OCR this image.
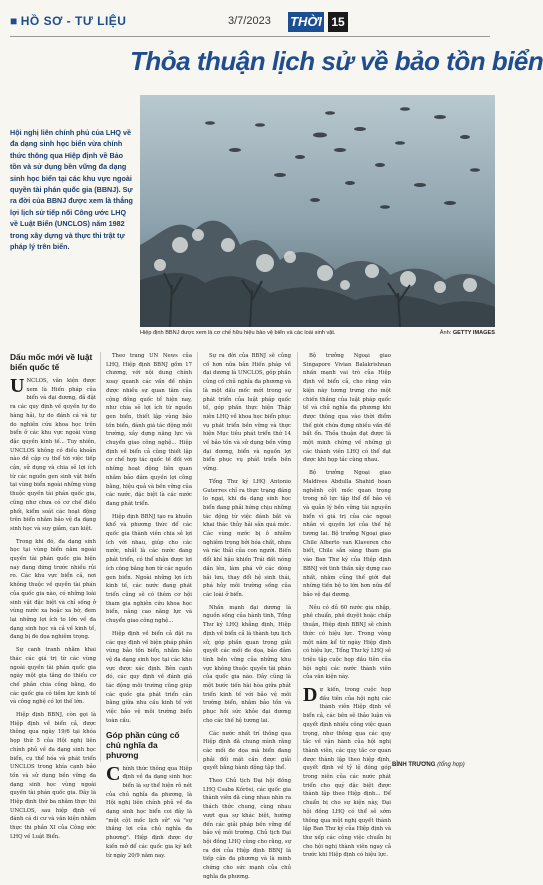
■ HỒ SƠ - TƯ LIỆU	3/7/2023 THỜI 15
Thỏa thuận lịch sử về bảo tồn biển
Hội nghị liên chính phủ của LHQ về đa dạng sinh học biển vừa chính thức thông qua Hiệp định về Bảo tồn và sử dụng bền vững đa dạng sinh học biển tại các khu vực ngoài quyền tài phán quốc gia (BBNJ). Sự ra đời của BBNJ được xem là thắng lợi lịch sử tiếp nối Công ước LHQ về Luật Biển (UNCLOS) năm 1982 trong xây dựng và thực thi trật tự pháp lý trên biển.
Hiệp định BBNJ được xem là cơ chế hữu hiệu bảo vệ biển và các loài sinh vật.	Ảnh: GETTY IMAGES
Dấu mốc mới về luật biển quốc tế

UNCLOS, văn kiện được xem là Hiến pháp của biển và đại dương, đã đặt ra các quy định về quyền tự do hàng hải, tự do đánh cá và tự do nghiên cứu khoa học trên biển ở các khu vực ngoài vùng đặc quyền kinh tế... Tuy nhiên, UNCLOS không có điều khoản nào đề cập cụ thể tới việc tiếp cận, sử dụng và chia sẻ lợi ích từ các nguồn gen sinh vật biển tại vùng biển ngoài những vùng thuộc quyền tài phán quốc gia, cũng như chưa có cơ chế điều phối, kiểm soát các hoạt động trên biển nhằm bảo vệ đa dạng sinh học và suy giảm, cạn kiệt.

Trong khi đó, đa dạng sinh học tại vùng biển nằm ngoài quyền tài phán quốc gia hiện nay đang đứng trước nhiều rủi ro. Các khu vực biển cả, nơi không thuộc về quyền tài phán của quốc gia nào, có những loài sinh vật đặc biệt và chỉ sống ở vùng nước xa hoặc xa bờ, đem lại những lợi ích to lớn về đa dạng sinh học và cả về kinh tế, đang bị đe dọa nghiêm trọng.

Sự canh tranh nhằm khai thác các giá trị từ các vùng ngoài quyền tài phán quốc gia ngày một gia tăng do thiếu cơ chế phân chia công bằng, do các quốc gia có tiềm lực kinh tế và công nghệ có lợi thế lớn.

Hiệp định BBNJ, còn gọi là Hiệp định về biển cả, được thông qua ngày 19/6 tại khóa họp thứ 5 của Hội nghị liên chính phủ về đa dạng sinh học biển, cụ thể hóa và phát triển UNCLOS trong khía cạnh bảo tồn và sử dụng bền vững đa dạng sinh học vùng ngoài quyền tài phán quốc gia. Đây là Hiệp định thứ ba nhằm thực thi UNCLOS, sau hiệp định về đánh cá di cư và văn kiện nhằm thực thi phần XI của Công ước LHQ về Luật Biển.

Theo trang UN News của LHQ, Hiệp định BBNJ gồm 17 chương, với nội dung chính xoay quanh các vấn đề nhận được nhiều sự quan tâm của cộng đồng quốc tế hiện nay, như chia sẻ lợi ích từ nguồn gen biển, thiết lập vùng bảo tồn biển, đánh giá tác động môi trường, xây dựng năng lực và chuyển giao công nghệ... Hiệp định về biển cả cũng thiết lập cơ chế hợp tác quốc tế đối với những hoạt động liên quan nhằm bảo đảm quyền lợi công bằng, hiệu quả và bền vững của các nước, đặc biệt là các nước đang phát triển.

Hiệp định BBNJ tạo ra khuôn khổ và phương thức để các quốc gia thành viên chia sẻ lợi ích với nhau, giúp cho các nước, nhất là các nước đang phát triển, có thể nhận được lợi ích công bằng hơn từ các nguồn gen biển. Ngoài những lợi ích kinh tế, các nước đang phát triển cũng sẽ có thêm cơ hội tham gia nghiên cứu khoa học biển, nâng cao năng lực và chuyển giao công nghệ...

Hiệp định về biển cả đặt ra các quy định về biện pháp phân vùng bảo tồn biển, nhằm bảo vệ đa dạng sinh học tại các khu vực được xác định. Bên cạnh đó, các quy định về đánh giá tác động môi trường cũng giúp các quốc gia phát triển cân bằng giữa nhu cầu kinh tế với việc bảo vệ môi trường biển toàn cầu.

Góp phần củng cố chủ nghĩa đa phương

Chính thức thông qua Hiệp định về đa dạng sinh học biển là sự thể hiện rõ nét của chủ nghĩa đa phương, là Hội nghị liên chính phủ về đa dạng sinh học biển coi đây là "một cột mốc lịch sử" và "sự thắng lợi của chủ nghĩa đa phương". Hiệp định được dự kiến mở để các quốc gia ký kết từ ngày 20/9 năm nay.

Sự ra đời của BBNJ sẽ củng cố hơn nữa bản Hiến pháp về đại dương là UNCLOS, góp phần củng cố chủ nghĩa đa phương và là một dấu mốc mới trong sự phát triển của luật pháp quốc tế, góp phần thực hiện Thập niên LHQ về khoa học biển phục vụ phát triển bền vững và thực hiện Mục tiêu phát triển thứ 14 về bảo tồn và sử dụng bền vững đại dương, biển và nguồn lợi biển phục vụ phát triển bền vững.

Tổng Thư ký LHQ Antonio Guterres chỉ ra thực trạng đáng lo ngại, khi đa dạng sinh học biển đang phải hứng chịu những tác động từ việc đánh bắt và khai thác thủy hải sản quá mức. Các vùng nước bị ô nhiễm nghiêm trọng bởi hóa chất, nhựa và rác thải của con người. Biến đổi khí hậu khiến Trái đất nóng dần lên, làm phá vỡ các dòng hải lưu, thay đổi hệ sinh thái, phá hủy môi trường sống của các loài ở biển.

Nhấn mạnh đại dương là nguồn sống của hành tinh, Tổng Thư ký LHQ khẳng định, Hiệp định về biển cả là thành tựu lịch sử, góp phần quan trọng giải quyết các mối đe dọa, bảo đảm tính bền vững của những khu vực không thuộc quyền tài phán của quốc gia nào. Đây cũng là một bước tiến hài hòa giữa phát triển kinh tế với bảo vệ môi trường biển, nhằm bảo tồn và phục hồi sức khỏe đại dương cho các thế hệ tương lai.

Các nước nhất trí thông qua Hiệp định đã chung mình rằng các mối đe dọa mà biển đang phải đối mặt cần được giải quyết bằng hành động tập thể.

Theo Chủ tịch Đại hội đồng LHQ Csaba Kőrösi, các quốc gia thành viên đã cùng nhau nhìn ra thách thức chung, cùng nhau vượt qua sự khác biệt, hướng đến các giải pháp bền vững để bảo vệ môi trường. Chủ tịch Đại hội đồng LHQ cũng cho rằng, sự ra đời của Hiệp định BBNJ là tiếp cận đa phương và là minh chứng cho sức mạnh của chủ nghĩa đa phương.

Bộ trưởng Ngoại giao Singapore Vivian Balakrishnan nhấn mạnh vai trò của Hiệp định về biển cả, cho rằng văn kiện này tương trưng cho một chiến thắng của luật pháp quốc tế và chủ nghĩa đa phương khi được thông qua vào thời điểm thế giới chứa đựng nhiều vấn đề bất ổn. Thỏa thuận đạt được là một minh chứng về những gì các thành viên LHQ có thể đạt được khi họp tác cùng nhau.

Bộ trưởng Ngoại giao Maldives Abdulla Shahid hoan nghênh cột mốc quan trọng trong nỗ lực tập thể để bảo vệ và quản lý bền vững tài nguyên biển vì giá trị của các ngoại nhân vì quyền lợi của thế hệ tương lai. Bộ trưởng Ngoại giao Chile Alberto van Klaveren cho biết, Chile sẵn sàng tham gia vào Ban Thư ký của Hiệp định BBNJ với tinh thần xây dựng cao nhất, nhằm củng thế giới đạt những tiến bộ to lớn hơn nữa để bảo vệ đại dương.

Nêu có đủ 60 nước gia nhập, phê chuẩn, phê duyệt hoặc chấp thuận, Hiệp định BBNJ sẽ chính thức có hiệu lực. Trong vòng một năm kể từ ngày Hiệp định có hiệu lực, Tổng Thư ký LHQ sẽ triệu tập cuộc họp đầu tiên của hội nghị các nước thành viên của văn kiện này.

Dự kiến, trong cuộc họp đầu tiên của hội nghị các thành viên Hiệp định về biển cả, các bên sẽ thảo luận và quyết định nhiều công việc quan trọng, như thông qua các quy tắc về vận hành của hội nghị thành viên, các quy tắc cơ quan được thành lập theo hiệp định, quyết định về tỷ lệ đóng góp trong niên của các nước phát triển cho quỹ đặc biệt được thành lập theo Hiệp định... Để chuẩn bị cho sự kiện này, Đại hội đồng LHQ có thể sẽ sớm thông qua một nghị quyết thành lập Ban Thư ký của Hiệp định và thư xếp các công việc chuẩn bị cho hội nghị thành viên ngay cả trước khi Hiệp định có hiệu lực.

BÌNH TRƯƠNG (tổng hợp)
